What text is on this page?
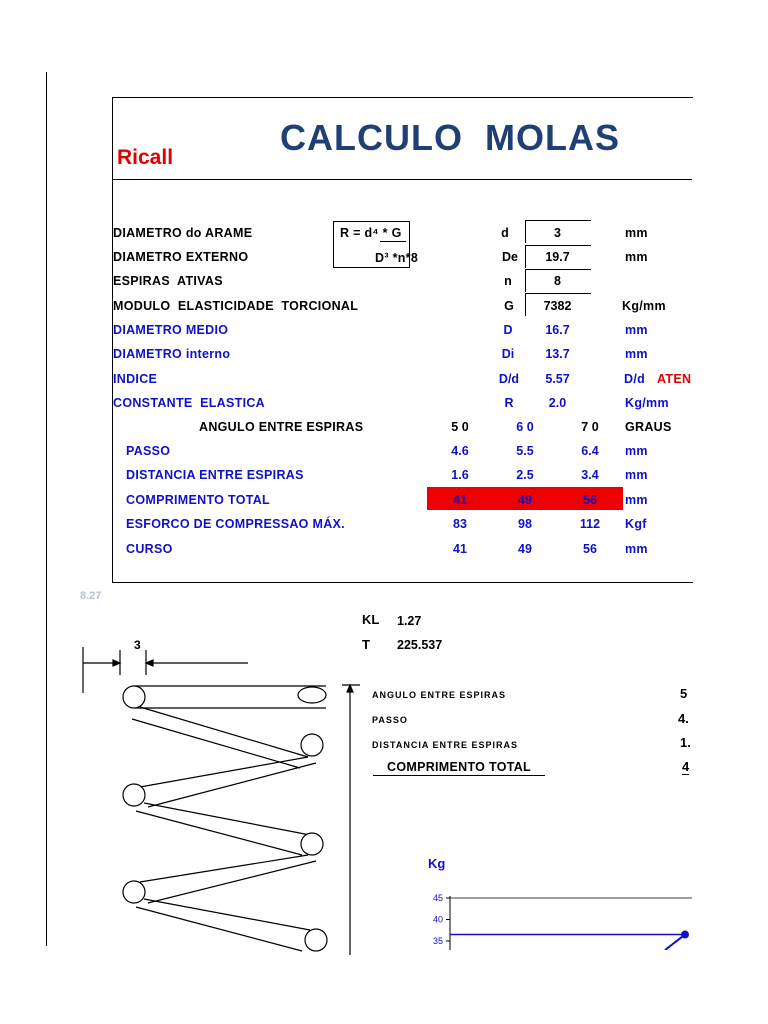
Ricall	CALCULO  MOLAS
R = d⁴ * G
D³ *n*8
DIAMETRO do ARAME	d	3	mm
DIAMETRO EXTERNO	De	19.7	mm
ESPIRAS  ATIVAS	n	8
MODULO  ELASTICIDADE  TORCIONAL	G	7382	Kg/mm
DIAMETRO MEDIO	D	16.7	mm
DIAMETRO interno	Di	13.7	mm
INDICE	D/d	5.57	D/d ATEN
CONSTANTE  ELASTICA	R	2.0	Kg/mm
ANGULO ENTRE ESPIRAS	5 0	6 0	7 0	GRAUS
PASSO	4.6	5.5	6.4	mm
DISTANCIA ENTRE ESPIRAS	1.6	2.5	3.4	mm
COMPRIMENTO TOTAL	41	49	56	mm
ESFORCO DE COMPRESSAO MÁX.	83	98	112	Kgf
CURSO	41	49	56	mm
8.27
KL 1.27
T 225.537
3
ANGULO ENTRE ESPIRAS	5
PASSO	4.
DISTANCIA ENTRE ESPIRAS	1.
COMPRIMENTO TOTAL	4
Kg
35
40
45
